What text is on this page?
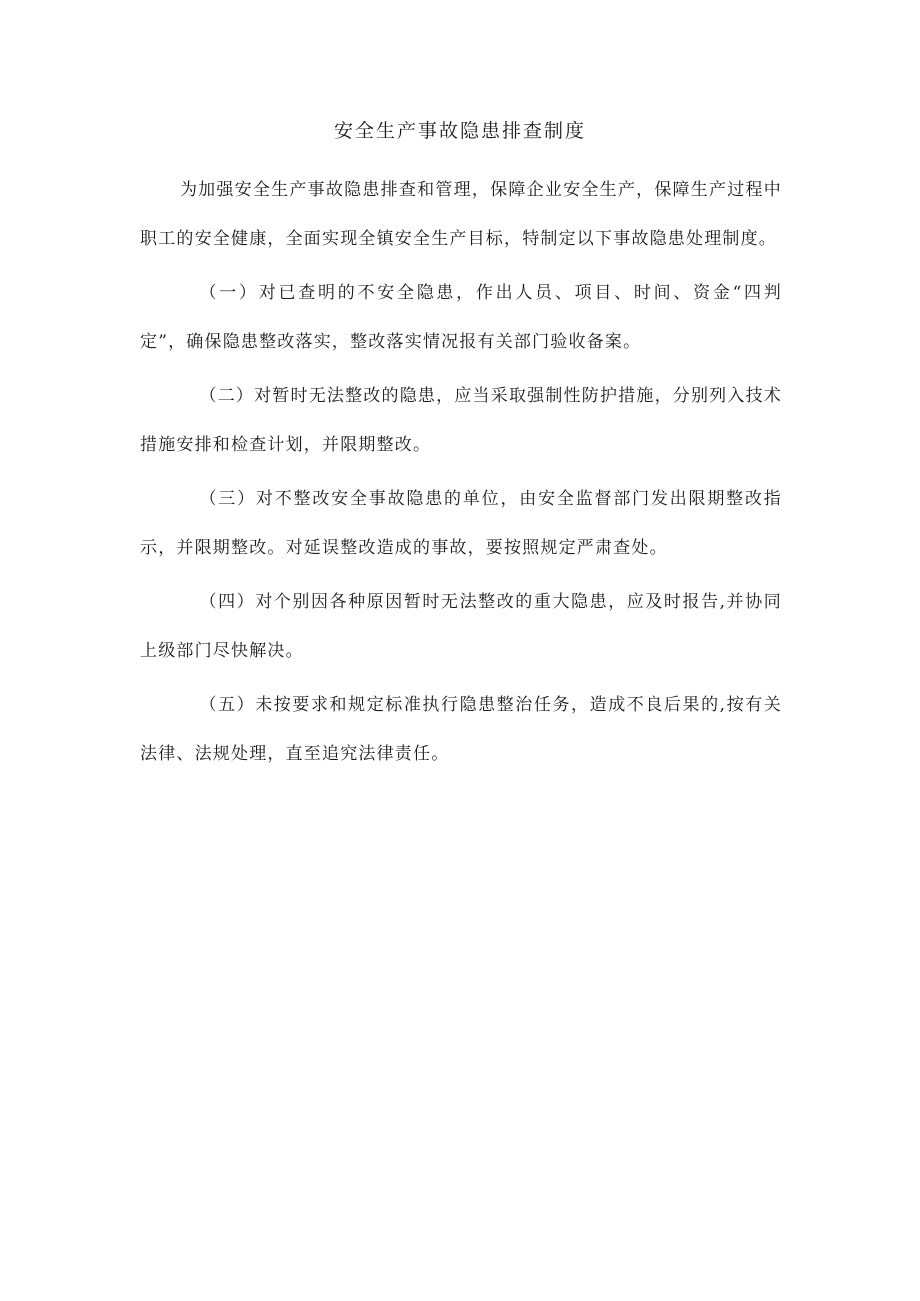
安全生产事故隐患排查制度

为加强安全生产事故隐患排查和管理，保障企业安全生产，保障生产过程中职工的安全健康，全面实现全镇安全生产目标，特制定以下事故隐患处理制度。

（一）对已查明的不安全隐患，作出人员、项目、时间、资金“四判定”，确保隐患整改落实，整改落实情况报有关部门验收备案。

（二）对暂时无法整改的隐患，应当采取强制性防护措施，分别列入技术措施安排和检查计划，并限期整改。

（三）对不整改安全事故隐患的单位，由安全监督部门发出限期整改指示，并限期整改。对延误整改造成的事故，要按照规定严肃查处。

（四）对个别因各种原因暂时无法整改的重大隐患，应及时报告,并协同上级部门尽快解决。

（五）未按要求和规定标准执行隐患整治任务，造成不良后果的,按有关法律、法规处理，直至追究法律责任。
